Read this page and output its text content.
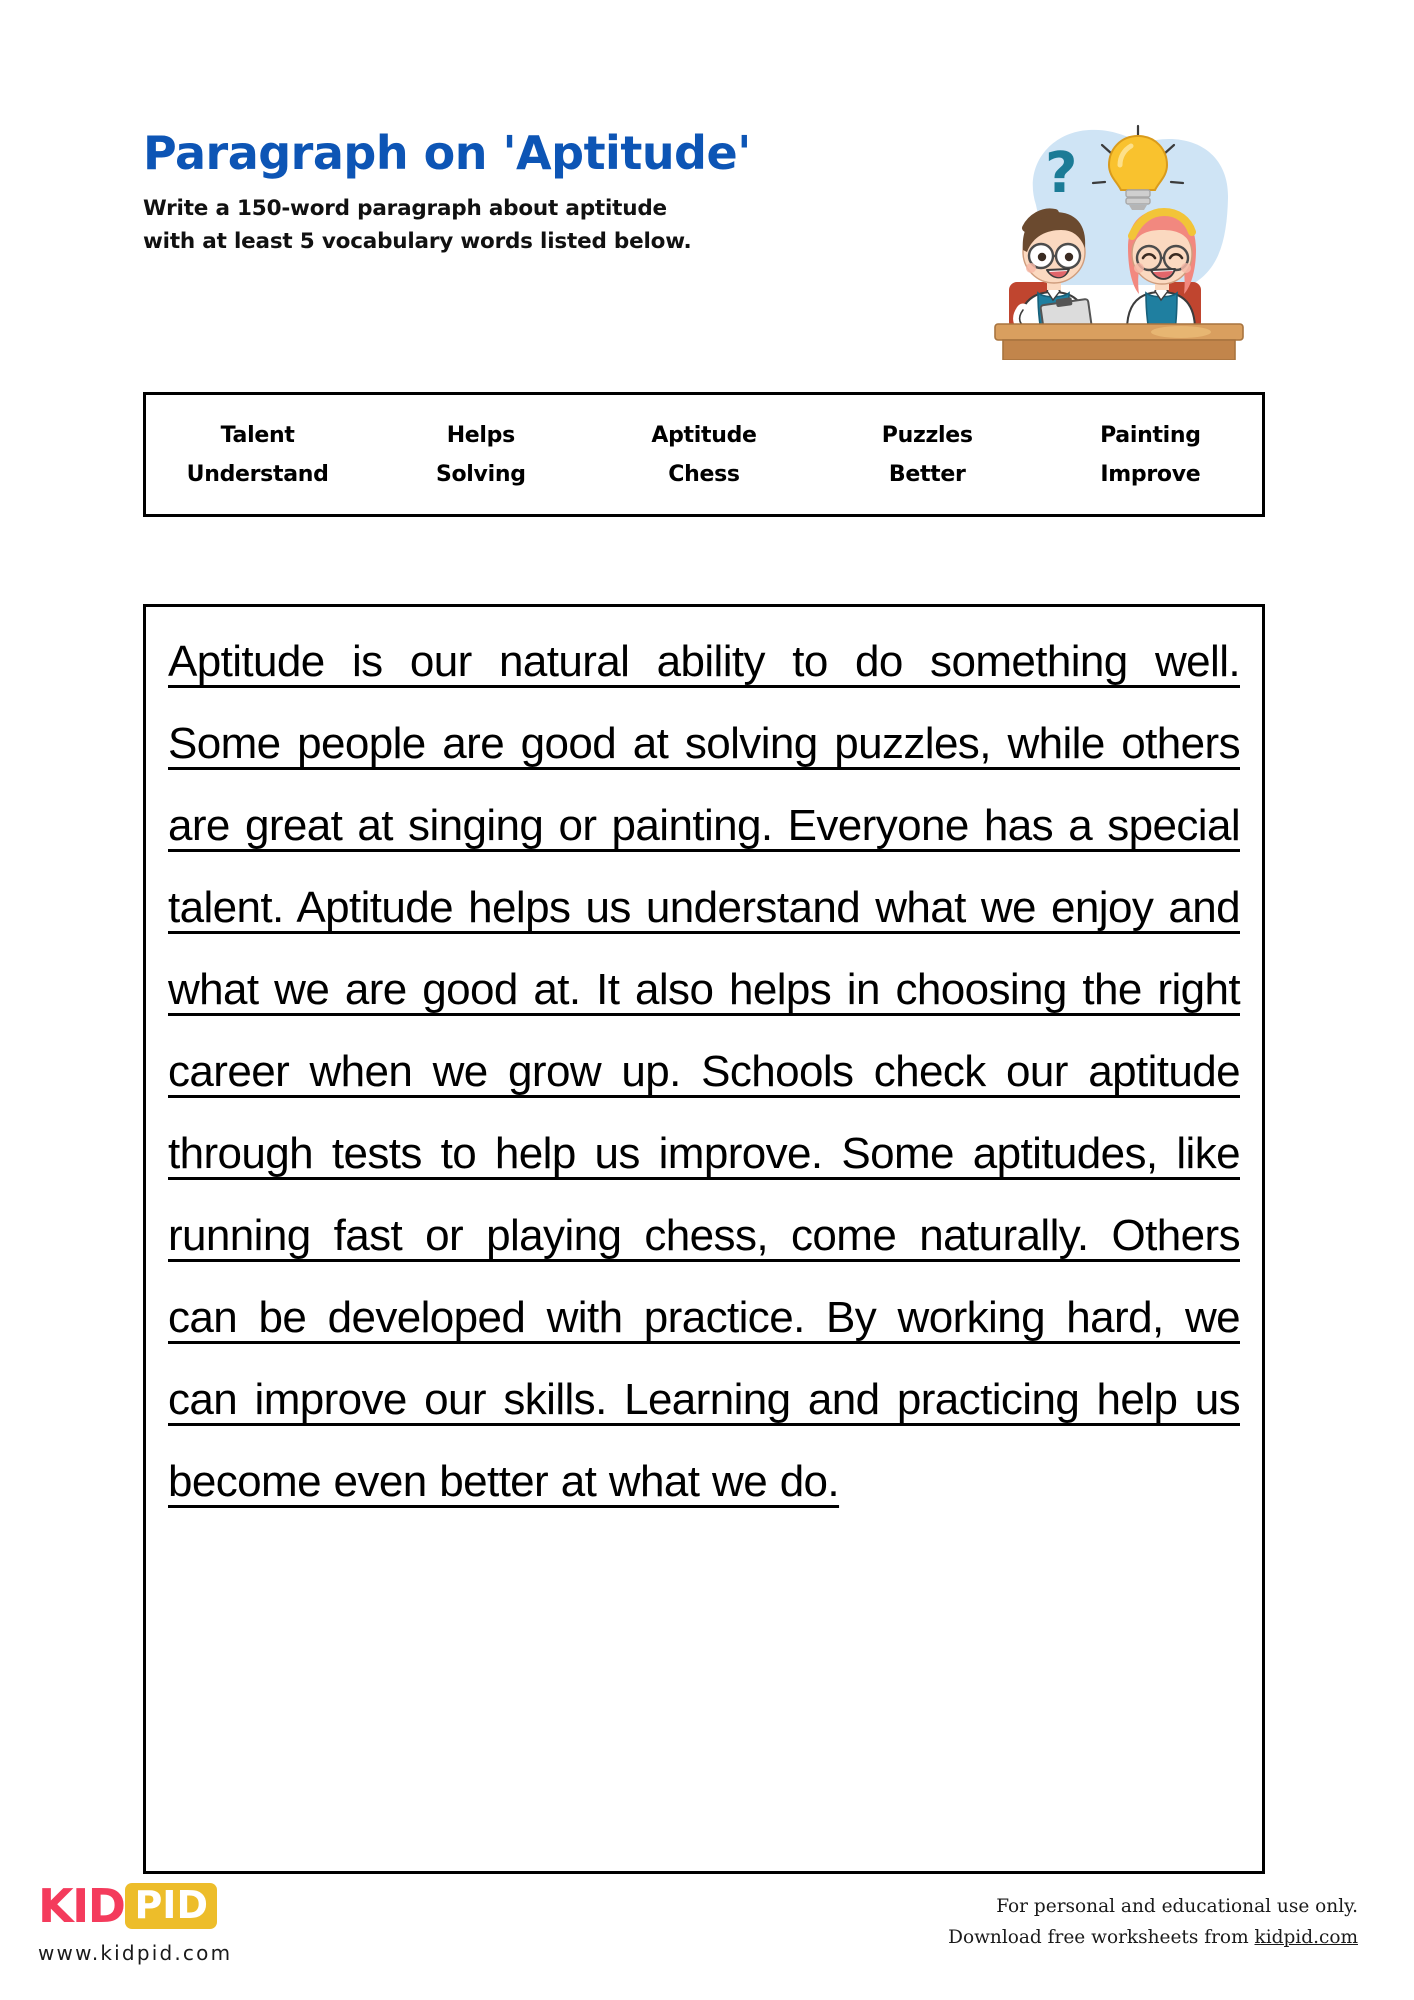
Paragraph on 'Aptitude'

Write a 150-word paragraph about aptitude with at least 5 vocabulary words listed below.

?
Talent	Helps	Aptitude	Puzzles	Painting
Understand	Solving	Chess	Better	Improve

Aptitude is our natural ability to do something well. Some people are good at solving puzzles, while others are great at singing or painting. Everyone has a special talent. Aptitude helps us understand what we enjoy and what we are good at. It also helps in choosing the right career when we grow up. Schools check our aptitude through tests to help us improve. Some aptitudes, like running fast or playing chess, come naturally. Others can be developed with practice. By working hard, we can improve our skills. Learning and practicing help us become even better at what we do.

KID PID
www.kidpid.com
For personal and educational use only.
Download free worksheets from kidpid.com
